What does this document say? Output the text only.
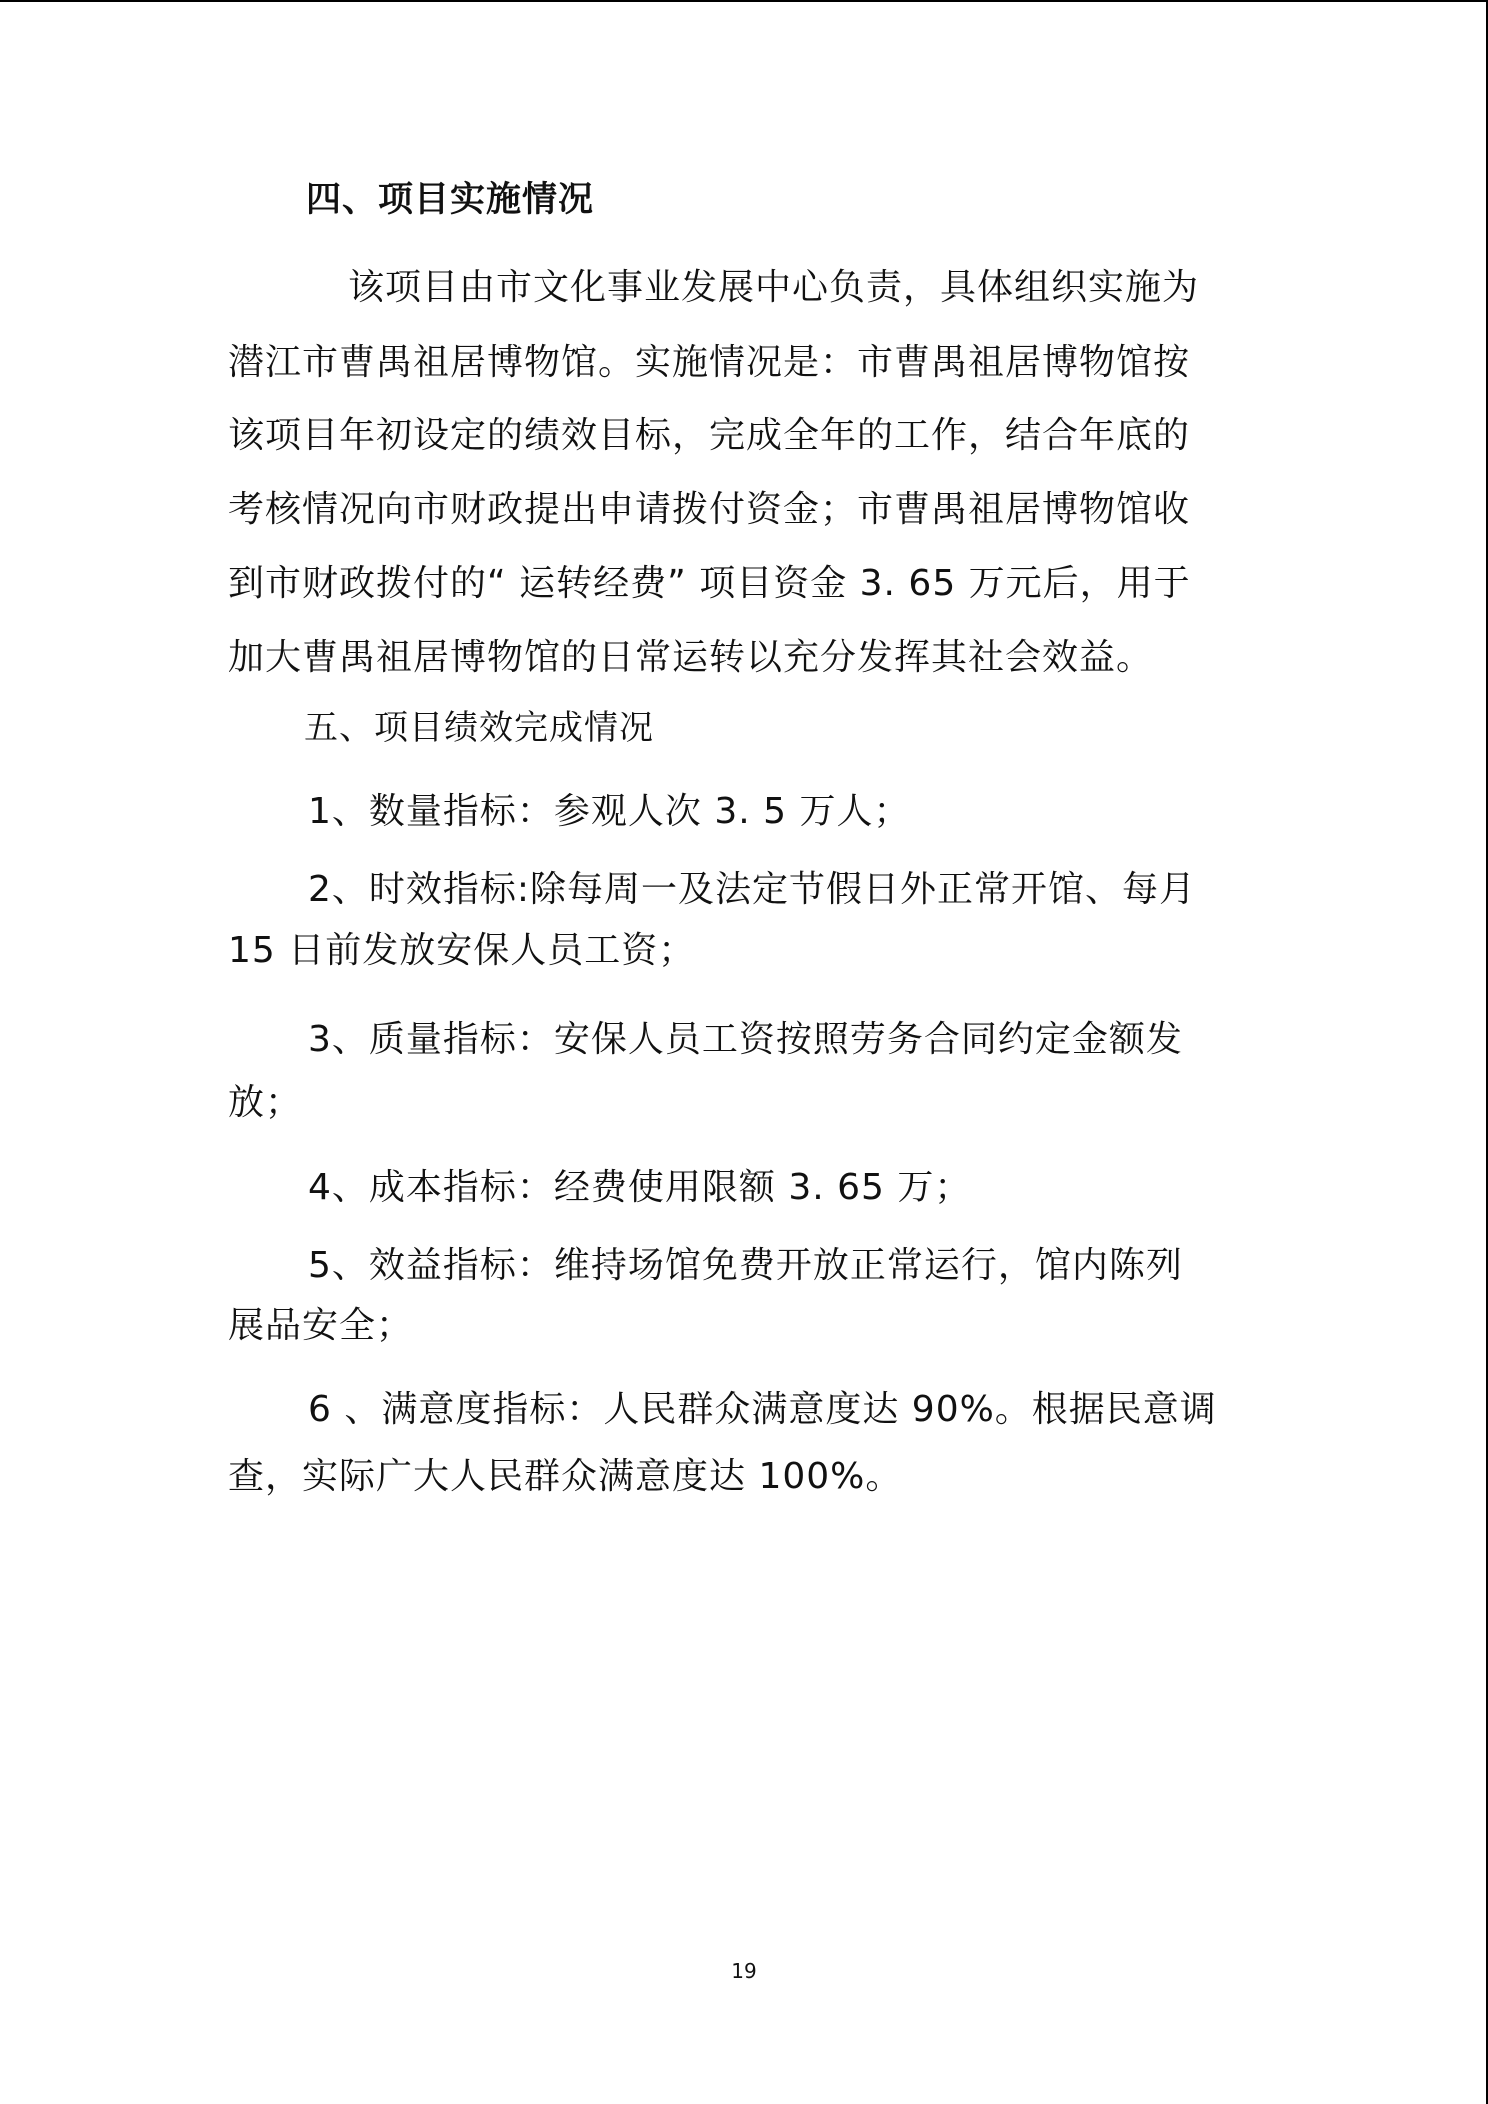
四、项目实施情况
该项目由市文化事业发展中心负责，具体组织实施为
潜江市曹禺祖居博物馆。实施情况是：市曹禺祖居博物馆按
该项目年初设定的绩效目标，完成全年的工作，结合年底的
考核情况向市财政提出申请拨付资金；市曹禺祖居博物馆收
到市财政拨付的“ 运转经费” 项目资金 3. 65 万元后，用于
加大曹禺祖居博物馆的日常运转以充分发挥其社会效益。
五、项目绩效完成情况
1、数量指标：参观人次 3. 5 万人；
2、时效指标:除每周一及法定节假日外正常开馆、每月
15 日前发放安保人员工资；
3、质量指标：安保人员工资按照劳务合同约定金额发
放；
4、成本指标：经费使用限额 3. 65 万；
5、效益指标：维持场馆免费开放正常运行，馆内陈列
展品安全；
6 、满意度指标：人民群众满意度达 90%。根据民意调
查，实际广大人民群众满意度达 100%。
19
